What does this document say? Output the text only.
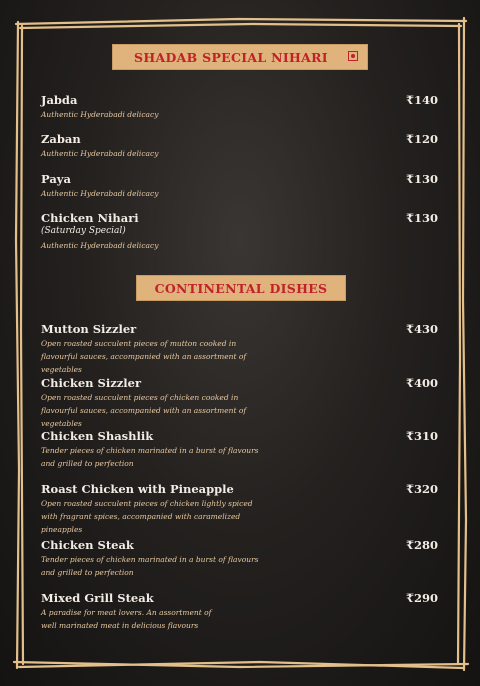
SHADAB SPECIAL NIHARI
Jabda	₹140
Authentic Hyderabadi delicacy
Zaban	₹120
Authentic Hyderabadi delicacy
Paya	₹130
Authentic Hyderabadi delicacy
Chicken Nihari	₹130
(Saturday Special)
Authentic Hyderabadi delicacy
CONTINENTAL DISHES
Mutton Sizzler	₹430
Open roasted succulent pieces of mutton cooked in flavourful sauces, accompanied with an assortment of vegetables
Chicken Sizzler	₹400
Open roasted succulent pieces of chicken cooked in flavourful sauces, accompanied with an assortment of vegetables
Chicken Shashlik	₹310
Tender pieces of chicken marinated in a burst of flavours and grilled to perfection
Roast Chicken with Pineapple	₹320
Open roasted succulent pieces of chicken lightly spiced with fragrant spices, accompanied with caramelized pineapples
Chicken Steak	₹280
Tender pieces of chicken marinated in a burst of flavours and grilled to perfection
Mixed Grill Steak	₹290
A paradise for meat lovers. An assortment of well marinated meat in delicious flavours
